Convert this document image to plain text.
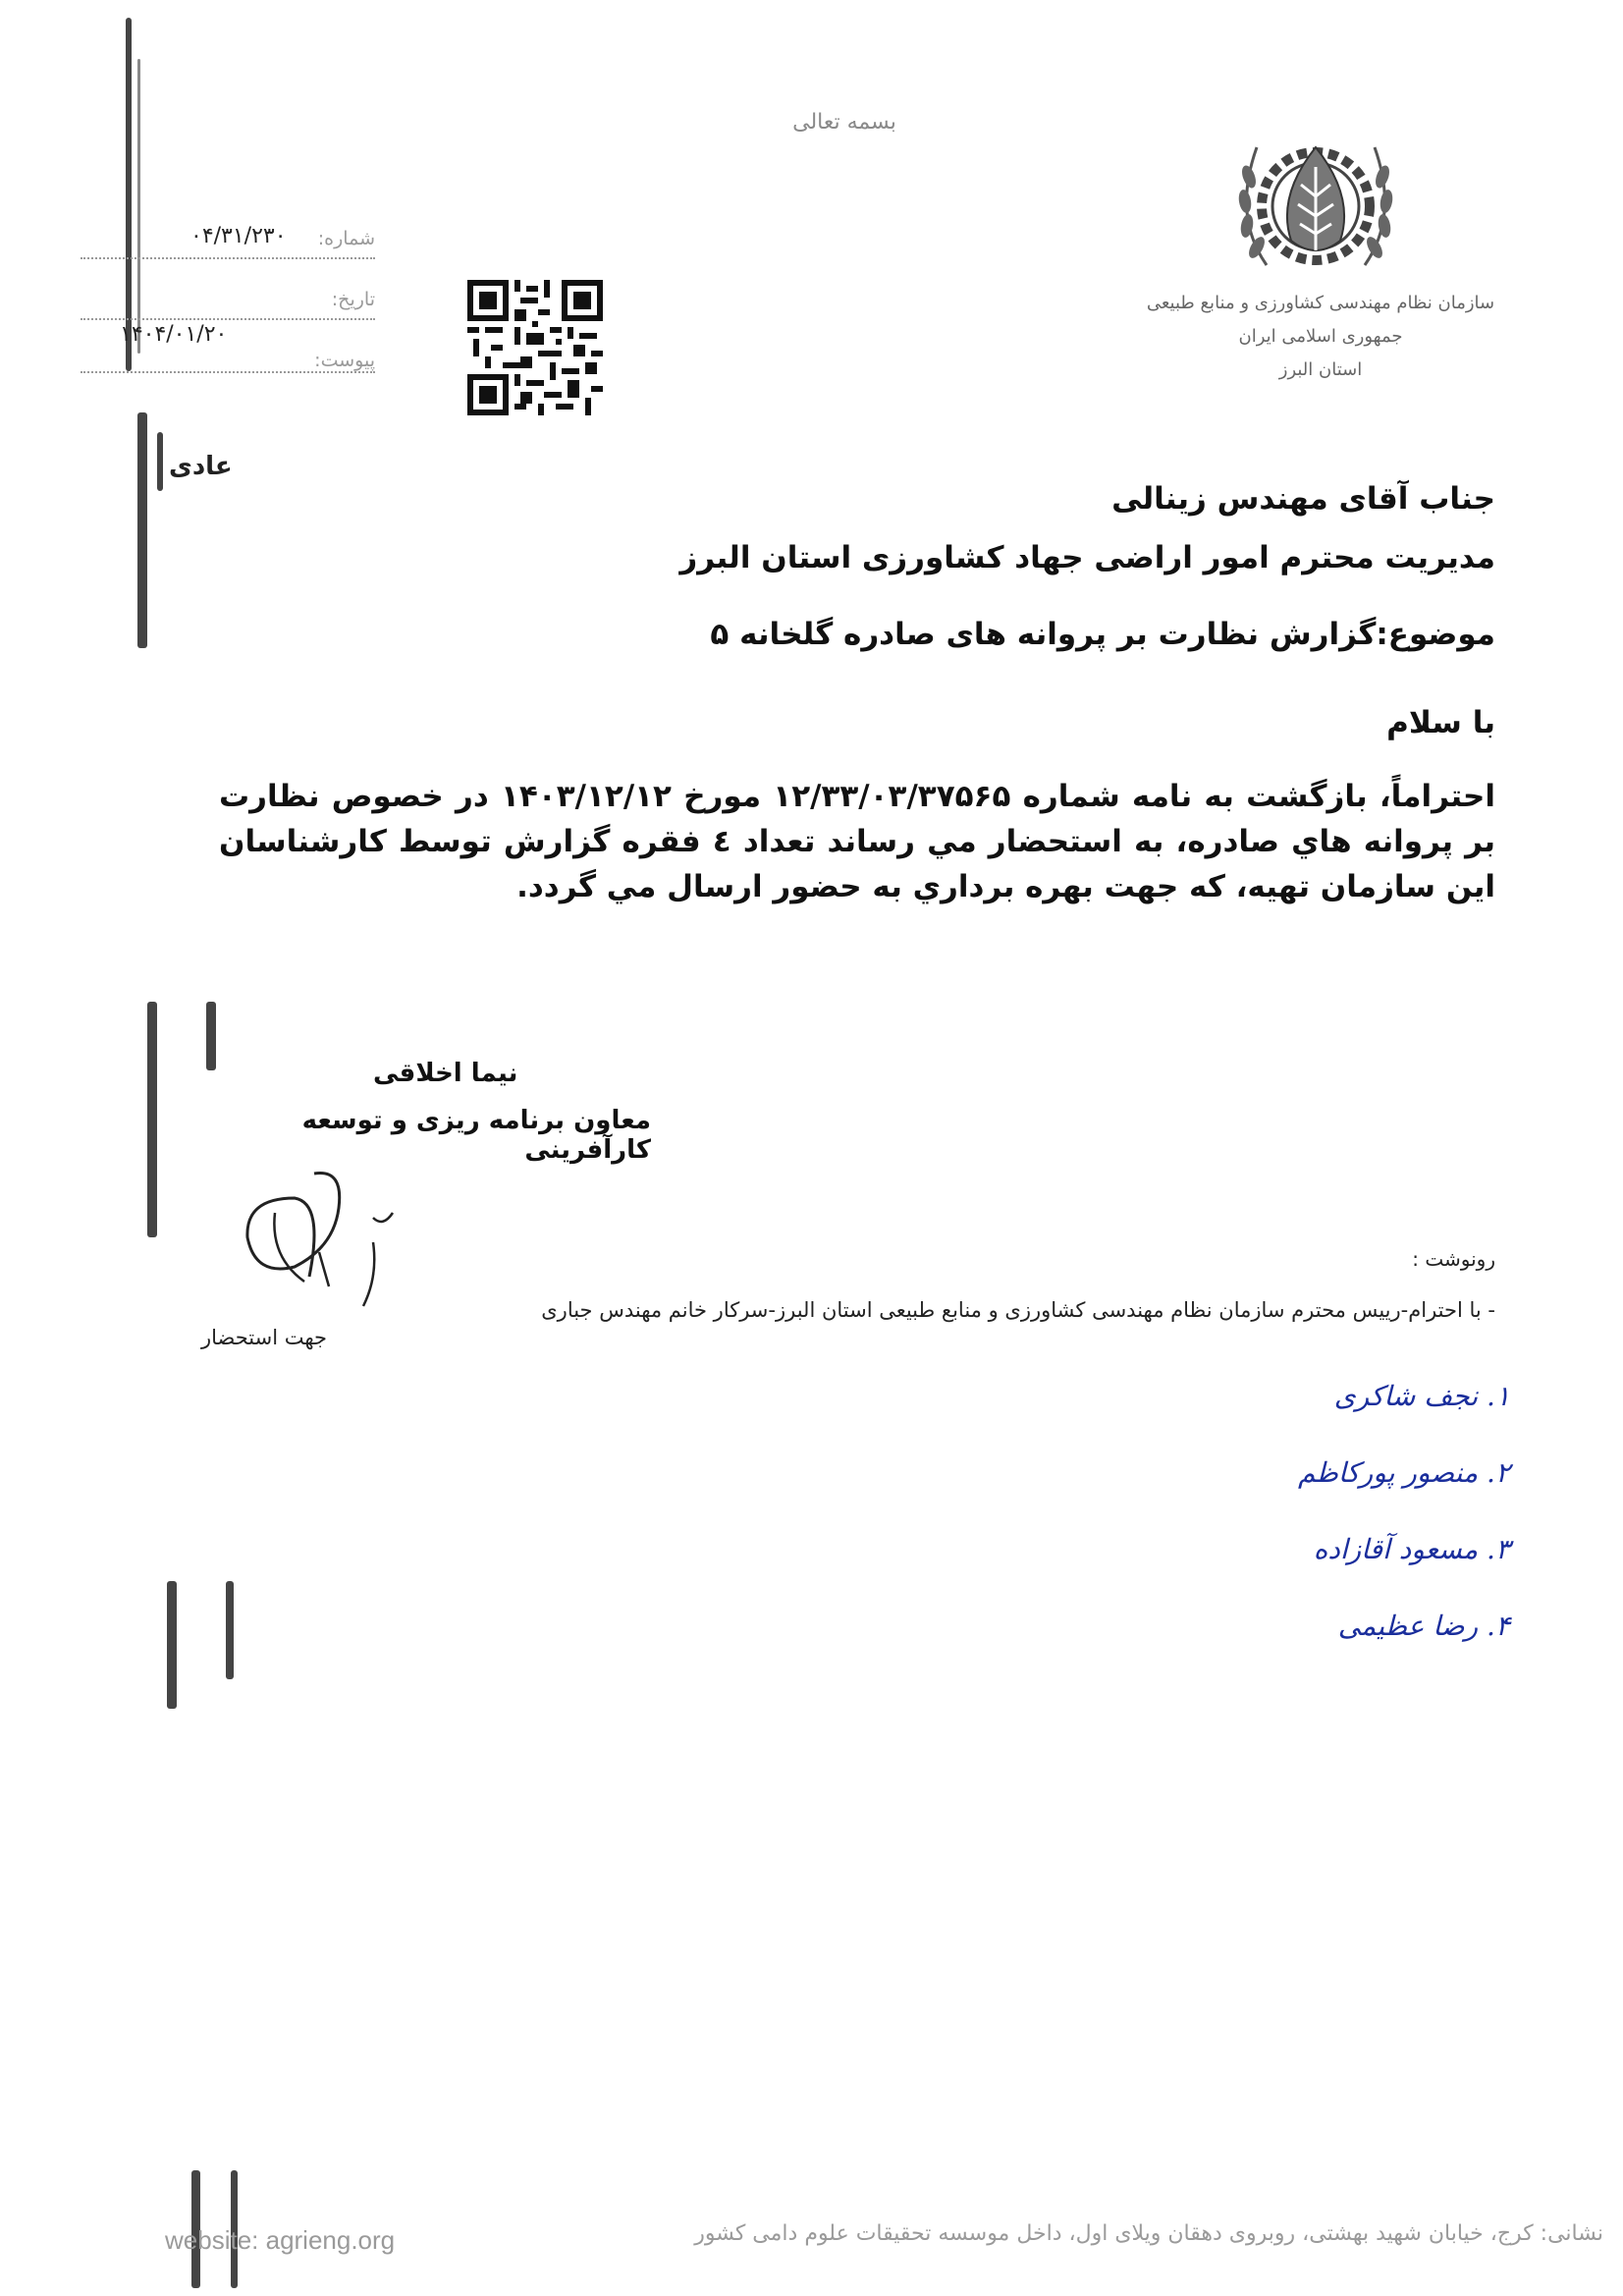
بسمه تعالی
سازمان نظام مهندسی کشاورزی و منابع طبیعی
جمهوری اسلامی ایران
استان البرز
شماره:
۰۴/۳۱/۲۳۰
تاریخ:
۱۴۰۴/۰۱/۲۰
پیوست:
عادی
جناب آقای مهندس زینالی
مدیریت محترم امور اراضی جهاد کشاورزی استان البرز
موضوع:گزارش نظارت بر پروانه های صادره گلخانه ۵
با سلام
احتراماً، بازگشت به نامه شماره ۱۲/۳۳/۰۳/۳۷۵۶۵ مورخ ۱۴۰۳/۱۲/۱۲ در خصوص نظارت بر پروانه هاي صادره، به استحضار مي رساند تعداد ٤ فقره گزارش توسط کارشناسان اين سازمان تهيه، که جهت بهره برداري به حضور ارسال مي گردد.
نیما اخلاقی
معاون برنامه ریزی و توسعه کارآفرینی
رونوشت :
- با احترام-رییس محترم سازمان نظام مهندسی کشاورزی و منابع طبیعی استان البرز-سرکار خانم مهندس جباری
جهت استحضار
۱. نجف شاکری
۲. منصور پورکاظم
۳. مسعود آقازاده
۴. رضا عظیمی
نشانی: کرج، خیابان شهید بهشتی، روبروی دهقان ویلای اول، داخل موسسه تحقیقات علوم دامی کشور
website: agrieng.org
